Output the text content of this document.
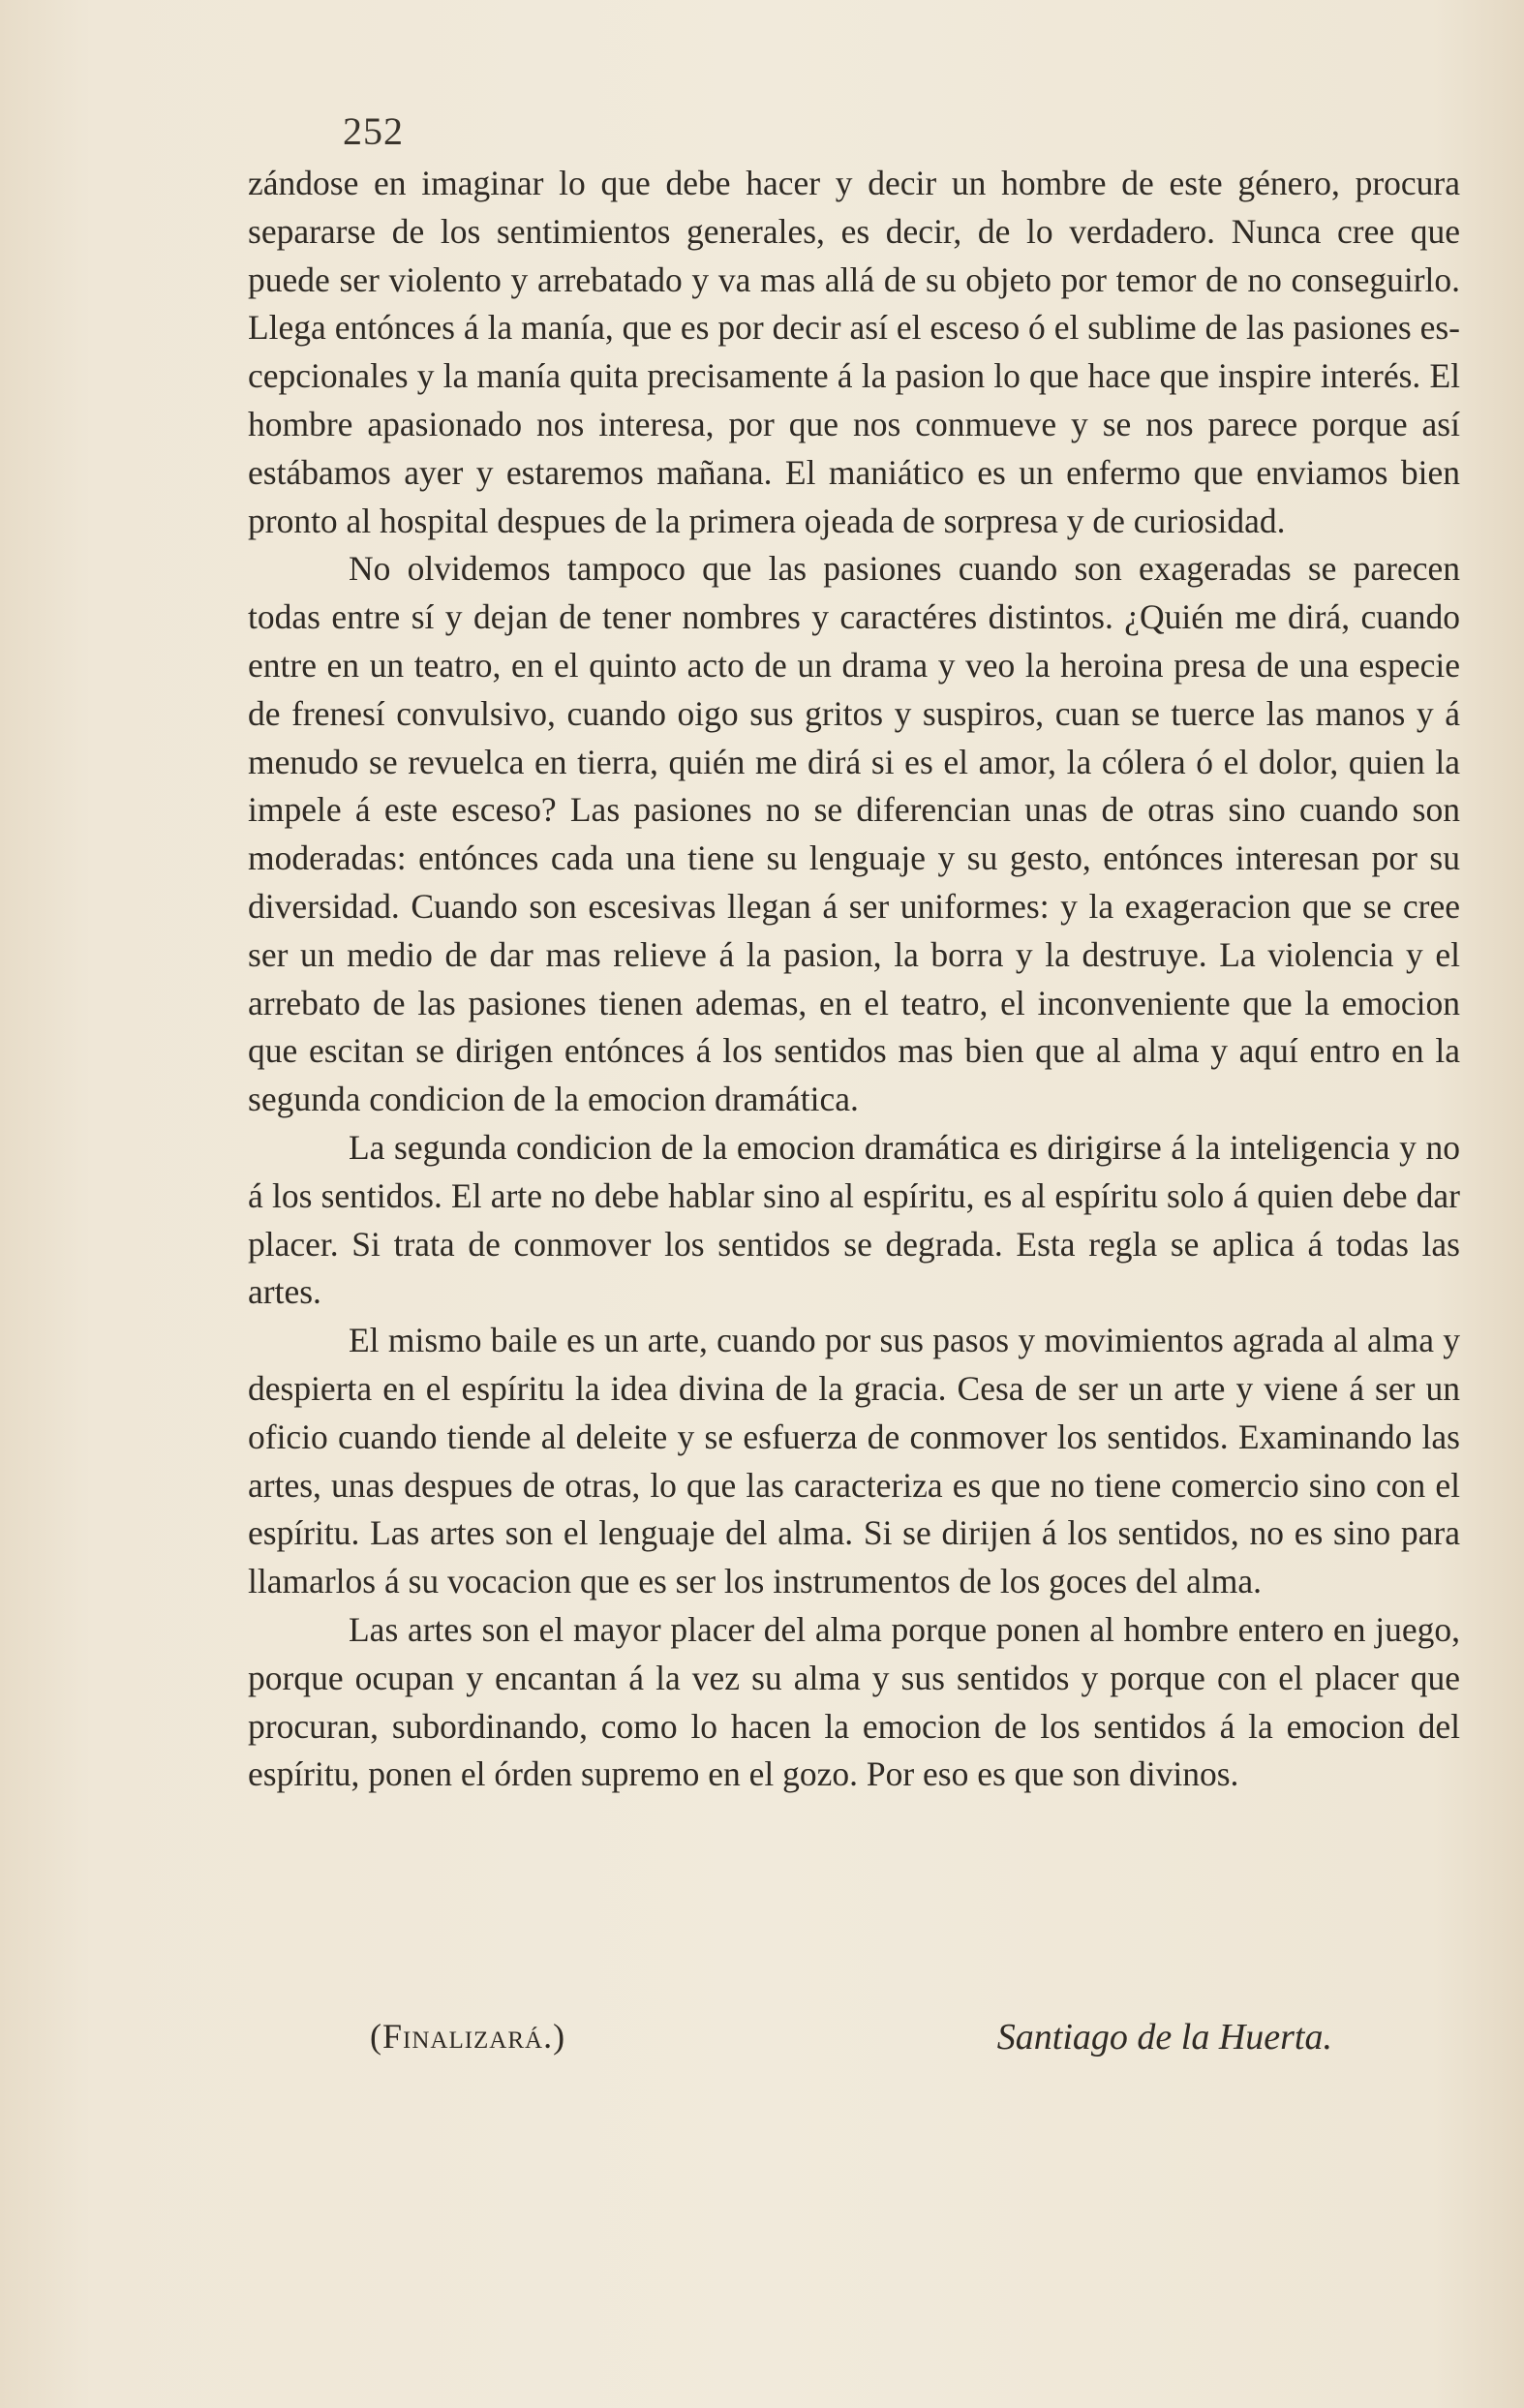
252

zándose en imaginar lo que debe hacer y decir un hombre de este género, procura separarse de los sentimientos generales, es decir, de lo verdadero. Nunca cree que puede ser violento y arrebatado y va mas allá de su objeto por temor de no conseguirlo. Llega entónces á la manía, que es por decir así el esceso ó el sublime de las pasiones escepcionales y la manía quita precisamente á la pasion lo que hace que inspire interés. El hombre apasionado nos interesa, por que nos conmueve y se nos parece porque así estábamos ayer y estaremos mañana. El maniático es un enfermo que enviamos bien pronto al hospital despues de la primera ojeada de sorpresa y de curiosidad.

No olvidemos tampoco que las pasiones cuando son exageradas se parecen todas entre sí y dejan de tener nombres y caractéres distintos. ¿Quién me dirá, cuando entre en un teatro, en el quinto acto de un drama y veo la heroina presa de una especie de frenesí convulsivo, cuando oigo sus gritos y suspiros, cuan se tuerce las manos y á menudo se revuelca en tierra, quién me dirá si es el amor, la cólera ó el dolor, quien la impele á este esceso? Las pasiones no se diferencian unas de otras sino cuando son moderadas: entónces cada una tiene su lenguaje y su gesto, entónces interesan por su diversidad. Cuando son escesivas llegan á ser uniformes: y la exageracion que se cree ser un medio de dar mas relieve á la pasion, la borra y la destruye. La violencia y el arrebato de las pasiones tienen ademas, en el teatro, el inconveniente que la emocion que escitan se dirigen entónces á los sentidos mas bien que al alma y aquí entro en la segunda condicion de la emocion dramática.

La segunda condicion de la emocion dramática es dirigirse á la inteligencia y no á los sentidos. El arte no debe hablar sino al espíritu, es al espíritu solo á quien debe dar placer. Si trata de conmover los sentidos se degrada. Esta regla se aplica á todas las artes.

El mismo baile es un arte, cuando por sus pasos y movimientos agrada al alma y despierta en el espíritu la idea divina de la gracia. Cesa de ser un arte y viene á ser un oficio cuando tiende al deleite y se esfuerza de conmover los sentidos. Examinando las artes, unas despues de otras, lo que las caracteriza es que no tiene comercio sino con el espíritu. Las artes son el lenguaje del alma. Si se dirijen á los sentidos, no es sino para llamarlos á su vocacion que es ser los instrumentos de los goces del alma.

Las artes son el mayor placer del alma porque ponen al hombre entero en juego, porque ocupan y encantan á la vez su alma y sus sentidos y porque con el placer que procuran, subordinando, como lo hacen la emocion de los sentidos á la emocion del espíritu, ponen el órden supremo en el gozo. Por eso es que son divinos.

(Finalizará.)	Santiago de la Huerta.
